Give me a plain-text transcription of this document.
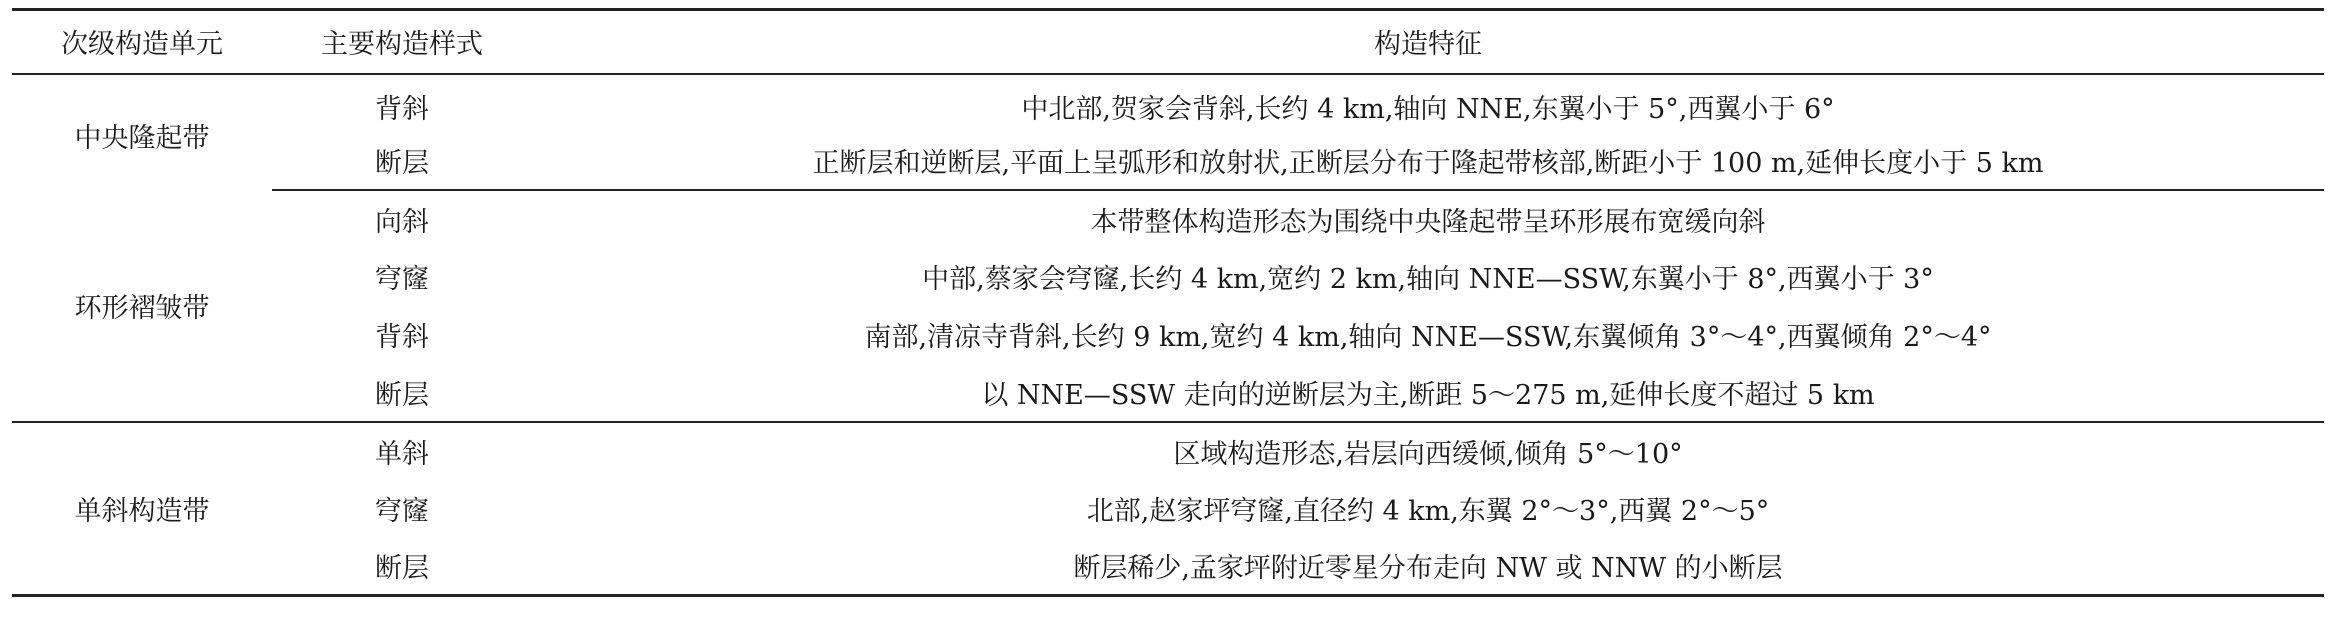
次级构造单元	主要构造样式	构造特征
中央隆起带	背斜	中北部,贺家会背斜,长约 4 km,轴向 NNE,东翼小于 5°,西翼小于 6°
	断层	正断层和逆断层,平面上呈弧形和放射状,正断层分布于隆起带核部,断距小于 100 m,延伸长度小于 5 km
环形褶皱带	向斜	本带整体构造形态为围绕中央隆起带呈环形展布宽缓向斜
	穹窿	中部,蔡家会穹窿,长约 4 km,宽约 2 km,轴向 NNE—SSW,东翼小于 8°,西翼小于 3°
	背斜	南部,清凉寺背斜,长约 9 km,宽约 4 km,轴向 NNE—SSW,东翼倾角 3°～4°,西翼倾角 2°～4°
	断层	以 NNE—SSW 走向的逆断层为主,断距 5～275 m,延伸长度不超过 5 km
单斜构造带	单斜	区域构造形态,岩层向西缓倾,倾角 5°～10°
	穹窿	北部,赵家坪穹窿,直径约 4 km,东翼 2°～3°,西翼 2°～5°
	断层	断层稀少,孟家坪附近零星分布走向 NW 或 NNW 的小断层
